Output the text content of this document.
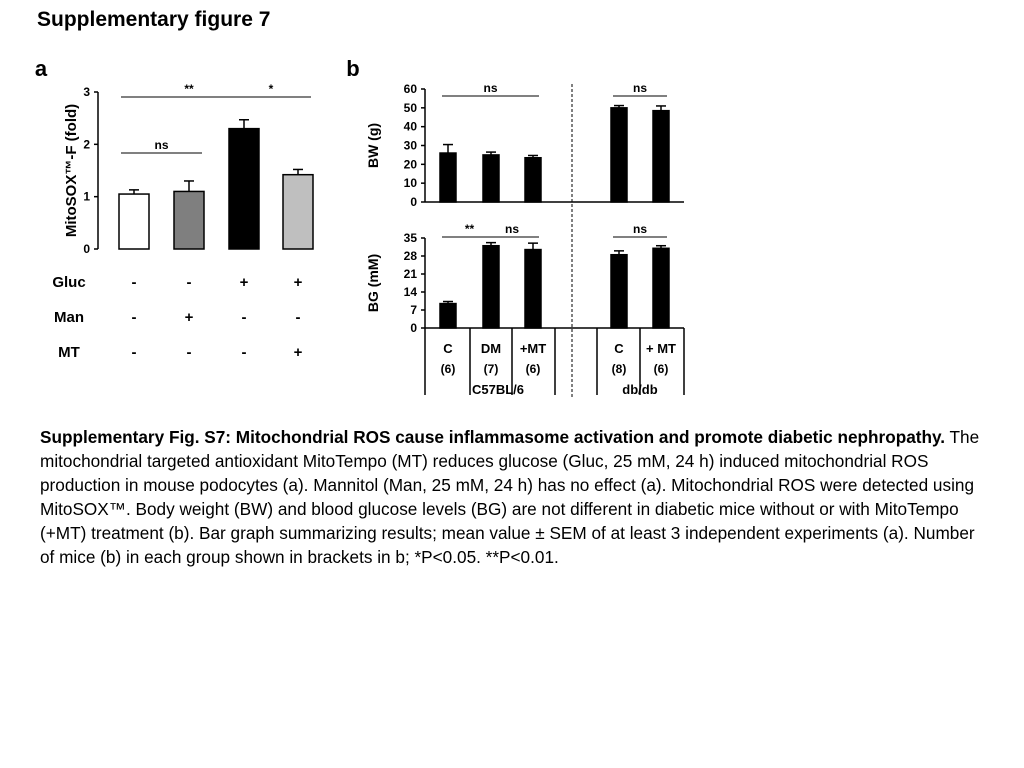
Supplementary figure 7
a	b
0
1
2
3
MitoSOX™-F (fold)	ns
**	*
Gluc	-	-	+	+
Man	-	+	-	-
MT	-	-	-	+
0
10
20
30
40
50
60
BW (g)
ns	ns
0
7
14
21
28
35
BG (mM)
**	ns	ns
C
(6)
DM
(7)
+MT
(6)
C
(8)
+ MT
(6)
C57BL/6	db/db
Supplementary Fig. S7: Mitochondrial ROS cause inflammasome activation and promote diabetic nephropathy. The mitochondrial targeted antioxidant MitoTempo (MT) reduces glucose (Gluc, 25 mM, 24 h) induced mitochondrial ROS production in mouse podocytes (a). Mannitol (Man, 25 mM, 24 h) has no effect (a). Mitochondrial ROS were detected using MitoSOX™. Body weight (BW) and blood glucose levels (BG) are not different in diabetic mice without or with MitoTempo (+MT) treatment (b). Bar graph summarizing results; mean value ± SEM of at least 3 independent experiments (a). Number of mice (b) in each group shown in brackets in b; *P<0.05. **P<0.01.
